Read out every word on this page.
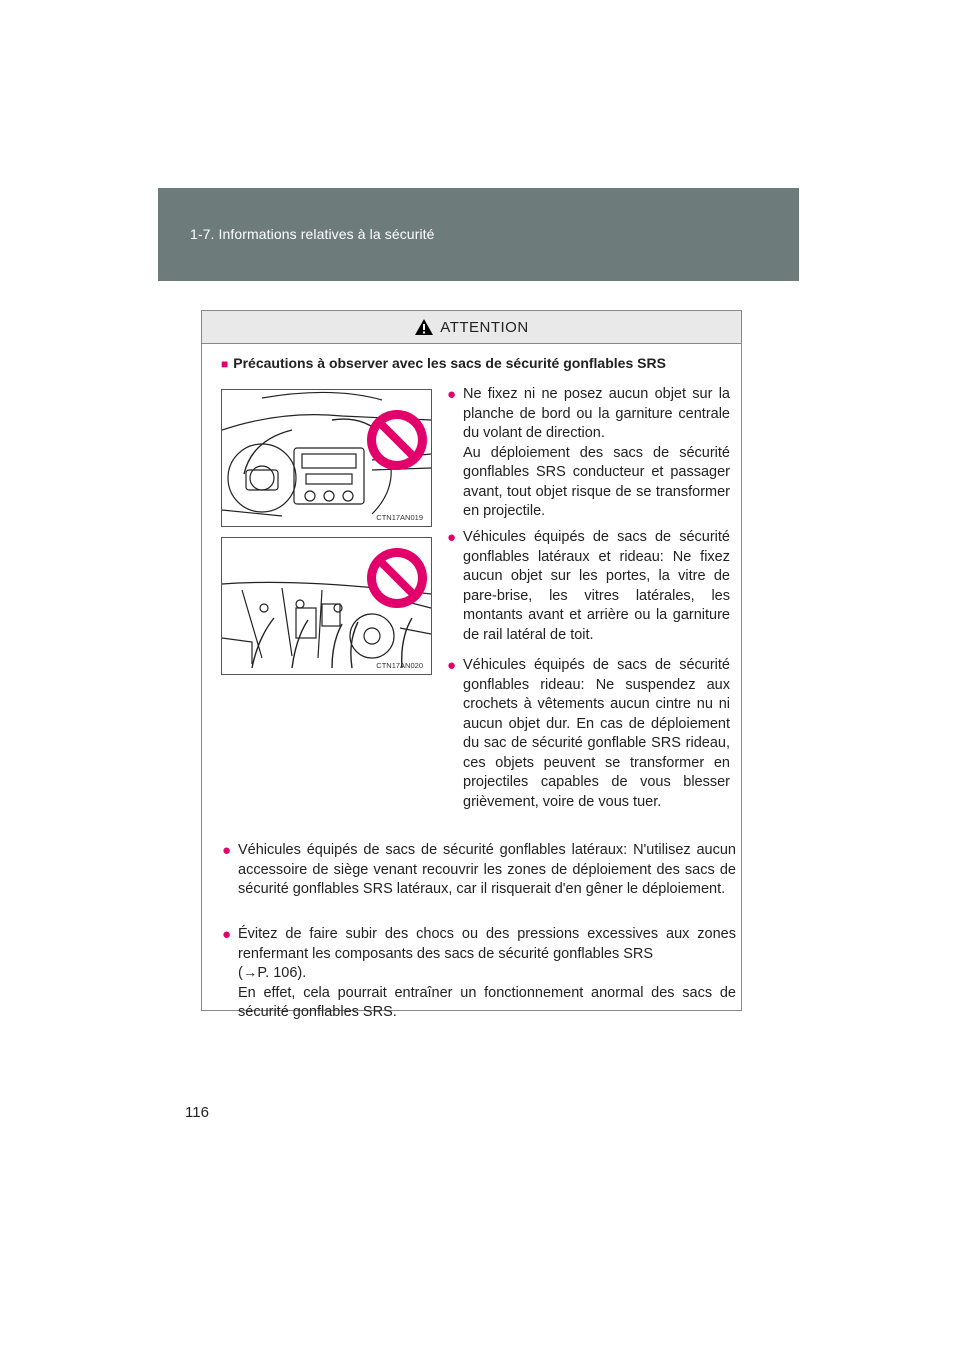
1-7. Informations relatives à la sécurité
ATTENTION
■ Précautions à observer avec les sacs de sécurité gonflables SRS
CTN17AN019
CTN17AN020
● Ne fixez ni ne posez aucun objet sur la planche de bord ou la garniture centrale du volant de direction.

Au déploiement des sacs de sécurité gonflables SRS conducteur et passager avant, tout objet risque de se transformer en projectile.

● Véhicules équipés de sacs de sécurité gonflables latéraux et rideau: Ne fixez aucun objet sur les portes, la vitre de pare-brise, les vitres latérales, les montants avant et arrière ou la garniture de rail latéral de toit.

● Véhicules équipés de sacs de sécurité gonflables rideau: Ne suspendez aux crochets à vêtements aucun cintre nu ni aucun objet dur. En cas de déploiement du sac de sécurité gonflable SRS rideau, ces objets peuvent se transformer en projectiles capables de vous blesser grièvement, voire de vous tuer.

● Véhicules équipés de sacs de sécurité gonflables latéraux: N'utilisez aucun accessoire de siège venant recouvrir les zones de déploiement des sacs de sécurité gonflables SRS latéraux, car il risquerait d'en gêner le déploiement.

● Évitez de faire subir des chocs ou des pressions excessives aux zones renfermant les composants des sacs de sécurité gonflables SRS

(→P. 106).

En effet, cela pourrait entraîner un fonctionnement anormal des sacs de sécurité gonflables SRS.

116
